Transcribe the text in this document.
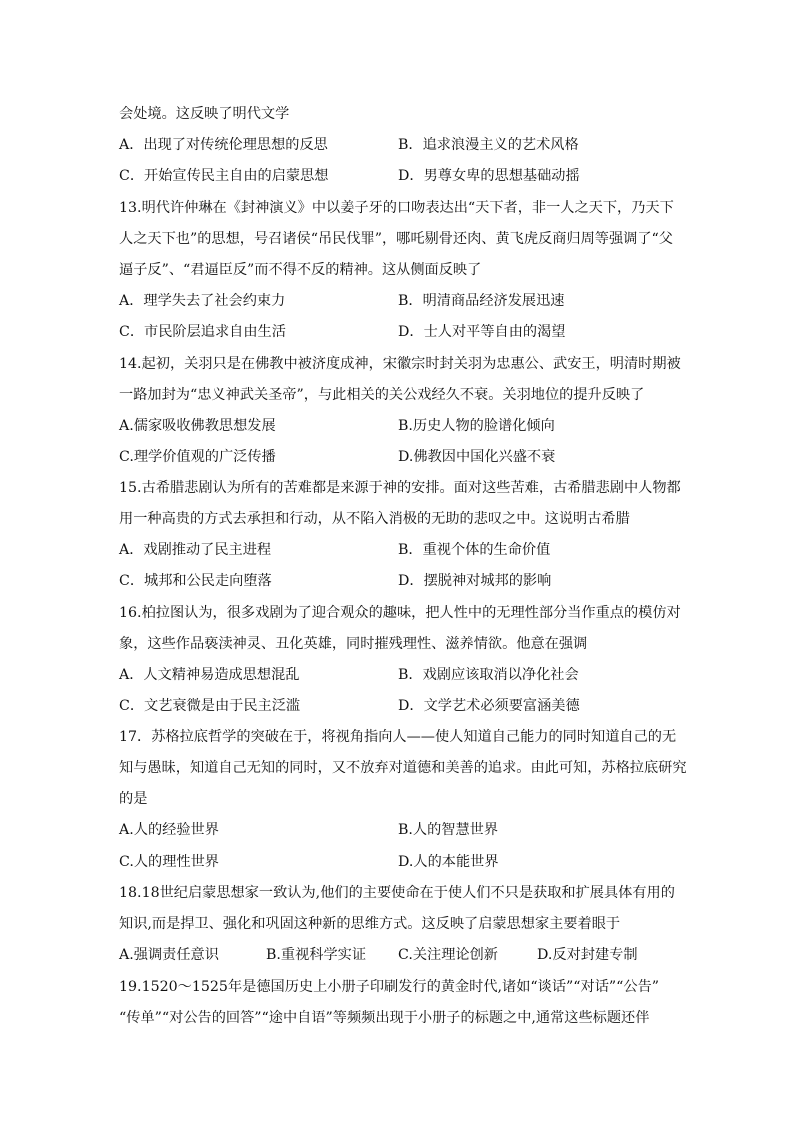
会处境。这反映了明代文学
A．出现了对传统伦理思想的反思	B．追求浪漫主义的艺术风格
C．开始宣传民主自由的启蒙思想	D．男尊女卑的思想基础动摇
13.明代许仲琳在《封神演义》中以姜子牙的口吻表达出“天下者，非一人之天下，乃天下
人之天下也”的思想，号召诸侯“吊民伐罪”，哪吒剔骨还肉、黄飞虎反商归周等强调了“父
逼子反”、“君逼臣反”而不得不反的精神。这从侧面反映了
A．理学失去了社会约束力	B．明清商品经济发展迅速
C．市民阶层追求自由生活	D．士人对平等自由的渴望
14.起初，关羽只是在佛教中被济度成神，宋徽宗时封关羽为忠惠公、武安王，明清时期被
一路加封为“忠义神武关圣帝”，与此相关的关公戏经久不衰。关羽地位的提升反映了
A.儒家吸收佛教思想发展	B.历史人物的脸谱化倾向
C.理学价值观的广泛传播	D.佛教因中国化兴盛不衰
15.古希腊悲剧认为所有的苦难都是来源于神的安排。面对这些苦难，古希腊悲剧中人物都
用一种高贵的方式去承担和行动，从不陷入消极的无助的悲叹之中。这说明古希腊
A．戏剧推动了民主进程	B．重视个体的生命价值
C．城邦和公民走向堕落	D．摆脱神对城邦的影响
16.柏拉图认为，很多戏剧为了迎合观众的趣味，把人性中的无理性部分当作重点的模仿对
象，这些作品亵渎神灵、丑化英雄，同时摧残理性、滋养情欲。他意在强调
A．人文精神易造成思想混乱	B．戏剧应该取消以净化社会
C．文艺衰微是由于民主泛滥	D．文学艺术必须要富涵美德
17．苏格拉底哲学的突破在于，将视角指向人——使人知道自己能力的同时知道自己的无
知与愚昧，知道自己无知的同时，又不放弃对道德和美善的追求。由此可知，苏格拉底研究
的是
A.人的经验世界	B.人的智慧世界
C.人的理性世界	D.人的本能世界
18.18世纪启蒙思想家一致认为,他们的主要使命在于使人们不只是获取和扩展具体有用的
知识,而是捍卫、强化和巩固这种新的思维方式。这反映了启蒙思想家主要着眼于
A.强调责任意识	B.重视科学实证 C.关注理论创新	D.反对封建专制
19.1520～1525年是德国历史上小册子印刷发行的黄金时代,诸如“谈话”“对话”“公告”
“传单”“对公告的回答”“途中自语”等频频出现于小册子的标题之中,通常这些标题还伴
